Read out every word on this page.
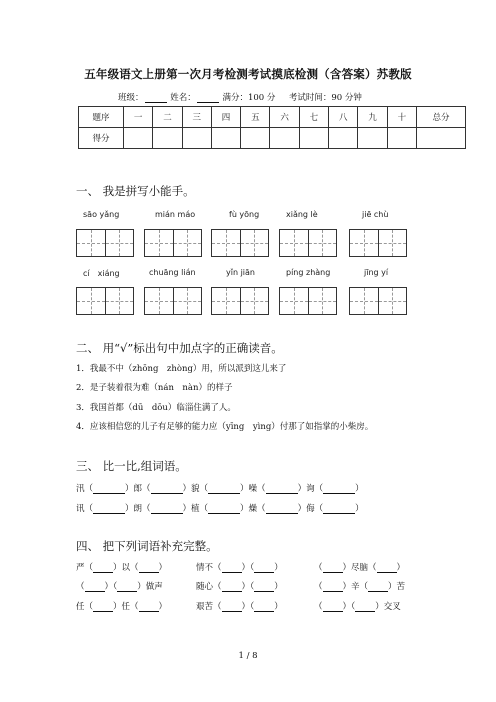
五年级语文上册第一次月考检测考试摸底检测（含答案）苏教版
班级：	姓名：	满分：100 分 考试时间：90 分钟
题序	一	二	三	四	五	六	七	八	九	十	总分
得分											
一、 我是拼写小能手。
sāo yǎng	mián máo	fù yōng	xiǎng lè	jiē chù
cí　xiáng	chuāng lián	yǐn jiān	píng zhàng	jīng yí
二、 用“√”标出句中加点字的正确读音。
1．我最不中（zhōng　zhòng）用，所以派到这儿来了
2．是子装着很为难（nán　nàn）的样子
3．我国首都（dū　dōu）临淄住满了人。
4．应该相信您的儿子有足够的能力应（yīng　yìng）付那了如指掌的小柴房。
三、 比一比,组词语。
汛（	）郎（	）貌（	）噪（	）询（	）
讯（	）朗（	）植（	）燥（	）侮（	）
四、 把下列词语补充完整。
严（ ）以（ ）	情不（ ）（ ）	（ ）尽脑（ ）
（ ）（ ）做声	随心（ ）（ ）	（ ）辛（ ）苦
任（ ）任（ ）	艰苦（ ）（ ）	（ ）（ ）交叉
1 / 8
